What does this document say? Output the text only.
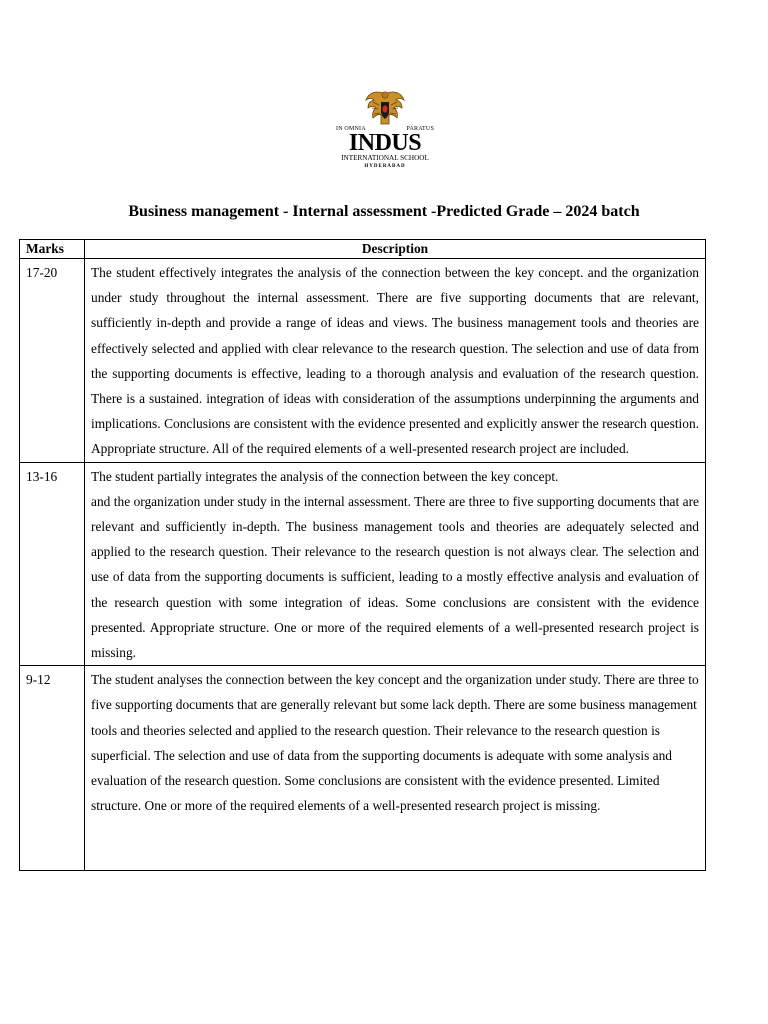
IN OMNIA	PARATUS
INDUS
INTERNATIONAL SCHOOL
HYDERABAD
Business management - Internal assessment -Predicted Grade – 2024 batch
Marks	Description
17-20	The student effectively integrates the analysis of the connection between the key concept. and the organization under study throughout the internal assessment. There are five supporting documents that are relevant, sufficiently in-depth and provide a range of ideas and views. The business management tools and theories are effectively selected and applied with clear relevance to the research question. The selection and use of data from the supporting documents is effective, leading to a thorough analysis and evaluation of the research question. There is a sustained. integration of ideas with consideration of the assumptions underpinning the arguments and implications. Conclusions are consistent with the evidence presented and explicitly answer the research question. Appropriate structure. All of the required elements of a well-presented research project are included.
13-16	The student partially integrates the analysis of the connection between the key concept.
and the organization under study in the internal assessment. There are three to five supporting documents that are relevant and sufficiently in-depth. The business management tools and theories are adequately selected and applied to the research question. Their relevance to the research question is not always clear. The selection and use of data from the supporting documents is sufficient, leading to a mostly effective analysis and evaluation of the research question with some integration of ideas. Some conclusions are consistent with the evidence presented. Appropriate structure. One or more of the required elements of a well-presented research project is missing.

9-12	The student analyses the connection between the key concept and the organization under study. There are three to five supporting documents that are generally relevant but some lack depth. There are some business management tools and theories selected and applied to the research question. Their relevance to the research question is superficial. The selection and use of data from the supporting documents is adequate with some analysis and evaluation of the research question. Some conclusions are consistent with the evidence presented. Limited structure. One or more of the required elements of a well-presented research project is missing.
